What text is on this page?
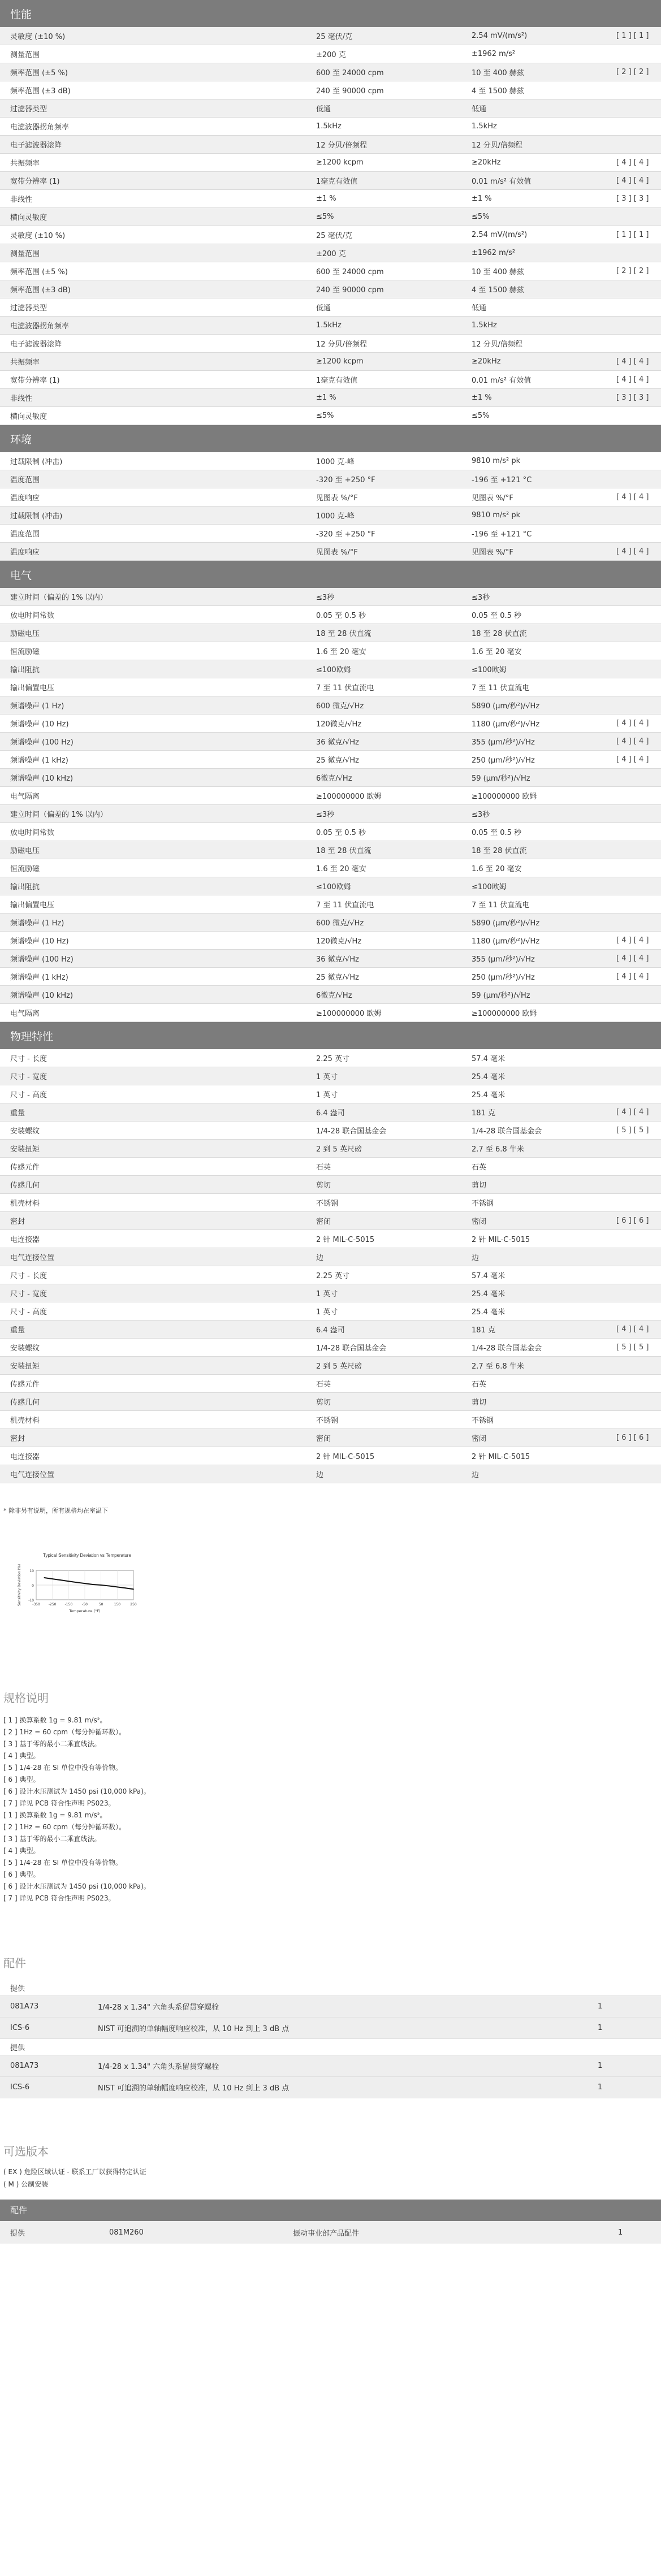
性能			
灵敏度 (±10 %)	25 毫伏/克	2.54 mV/(m/s²)	[ 1 ] [ 1 ]
测量范围	±200 克	±1962 m/s²	
频率范围 (±5 %)	600 至 24000 cpm	10 至 400 赫兹	[ 2 ] [ 2 ]
频率范围 (±3 dB)	240 至 90000 cpm	4 至 1500 赫兹	
过滤器类型	低通	低通	
电滤波器拐角频率	1.5kHz	1.5kHz	
电子滤波器滚降	12 分贝/倍频程	12 分贝/倍频程	
共振频率	≥1200 kcpm	≥20kHz	[ 4 ] [ 4 ]
宽带分辨率 (1)	1毫克有效值	0.01 m/s² 有效值	[ 4 ] [ 4 ]
非线性	±1 %	±1 %	[ 3 ] [ 3 ]
横向灵敏度	≤5%	≤5%	
灵敏度 (±10 %)	25 毫伏/克	2.54 mV/(m/s²)	[ 1 ] [ 1 ]
测量范围	±200 克	±1962 m/s²	
频率范围 (±5 %)	600 至 24000 cpm	10 至 400 赫兹	[ 2 ] [ 2 ]
频率范围 (±3 dB)	240 至 90000 cpm	4 至 1500 赫兹	
过滤器类型	低通	低通	
电滤波器拐角频率	1.5kHz	1.5kHz	
电子滤波器滚降	12 分贝/倍频程	12 分贝/倍频程	
共振频率	≥1200 kcpm	≥20kHz	[ 4 ] [ 4 ]
宽带分辨率 (1)	1毫克有效值	0.01 m/s² 有效值	[ 4 ] [ 4 ]
非线性	±1 %	±1 %	[ 3 ] [ 3 ]
横向灵敏度	≤5%	≤5%	
环境			
过载限制 (冲击)	1000 克-峰	9810 m/s² pk	
温度范围	-320 至 +250 °F	-196 至 +121 °C	
温度响应	见图表 %/°F	见图表 %/°F	[ 4 ] [ 4 ]
过载限制 (冲击)	1000 克-峰	9810 m/s² pk	
温度范围	-320 至 +250 °F	-196 至 +121 °C	
温度响应	见图表 %/°F	见图表 %/°F	[ 4 ] [ 4 ]
电气			
建立时间（偏差的 1% 以内）	≤3秒	≤3秒	
放电时间常数	0.05 至 0.5 秒	0.05 至 0.5 秒	
励磁电压	18 至 28 伏直流	18 至 28 伏直流	
恒流励磁	1.6 至 20 毫安	1.6 至 20 毫安	
输出阻抗	≤100欧姆	≤100欧姆	
输出偏置电压	7 至 11 伏直流电	7 至 11 伏直流电	
频谱噪声 (1 Hz)	600 微克/√Hz	5890 (μm/秒²)/√Hz	
频谱噪声 (10 Hz)	120微克/√Hz	1180 (μm/秒²)/√Hz	[ 4 ] [ 4 ]
频谱噪声 (100 Hz)	36 微克/√Hz	355 (μm/秒²)/√Hz	[ 4 ] [ 4 ]
频谱噪声 (1 kHz)	25 微克/√Hz	250 (μm/秒²)/√Hz	[ 4 ] [ 4 ]
频谱噪声 (10 kHz)	6微克/√Hz	59 (μm/秒²)/√Hz	
电气隔离	≥100000000 欧姆	≥100000000 欧姆	
建立时间（偏差的 1% 以内）	≤3秒	≤3秒	
放电时间常数	0.05 至 0.5 秒	0.05 至 0.5 秒	
励磁电压	18 至 28 伏直流	18 至 28 伏直流	
恒流励磁	1.6 至 20 毫安	1.6 至 20 毫安	
输出阻抗	≤100欧姆	≤100欧姆	
输出偏置电压	7 至 11 伏直流电	7 至 11 伏直流电	
频谱噪声 (1 Hz)	600 微克/√Hz	5890 (μm/秒²)/√Hz	
频谱噪声 (10 Hz)	120微克/√Hz	1180 (μm/秒²)/√Hz	[ 4 ] [ 4 ]
频谱噪声 (100 Hz)	36 微克/√Hz	355 (μm/秒²)/√Hz	[ 4 ] [ 4 ]
频谱噪声 (1 kHz)	25 微克/√Hz	250 (μm/秒²)/√Hz	[ 4 ] [ 4 ]
频谱噪声 (10 kHz)	6微克/√Hz	59 (μm/秒²)/√Hz	
电气隔离	≥100000000 欧姆	≥100000000 欧姆	
物理特性			
尺寸 - 长度	2.25 英寸	57.4 毫米	
尺寸 - 宽度	1 英寸	25.4 毫米	
尺寸 - 高度	1 英寸	25.4 毫米	
重量	6.4 盎司	181 克	[ 4 ] [ 4 ]
安装螺纹	1/4-28 联合国基金会	1/4-28 联合国基金会	[ 5 ] [ 5 ]
安装扭矩	2 到 5 英尺磅	2.7 至 6.8 牛米	
传感元件	石英	石英	
传感几何	剪切	剪切	
机壳材料	不锈钢	不锈钢	
密封	密闭	密闭	[ 6 ] [ 6 ]
电连接器	2 针 MIL-C-5015	2 针 MIL-C-5015	
电气连接位置	边	边	
尺寸 - 长度	2.25 英寸	57.4 毫米	
尺寸 - 宽度	1 英寸	25.4 毫米	
尺寸 - 高度	1 英寸	25.4 毫米	
重量	6.4 盎司	181 克	[ 4 ] [ 4 ]
安装螺纹	1/4-28 联合国基金会	1/4-28 联合国基金会	[ 5 ] [ 5 ]
安装扭矩	2 到 5 英尺磅	2.7 至 6.8 牛米	
传感元件	石英	石英	
传感几何	剪切	剪切	
机壳材料	不锈钢	不锈钢	
密封	密闭	密闭	[ 6 ] [ 6 ]
电连接器	2 针 MIL-C-5015	2 针 MIL-C-5015	
电气连接位置	边	边	
* 除非另有说明，所有规格均在室温下
Typical Sensitivity Deviation vs Temperature
10
0
-10
-350	-250	-150	-50	50	150	250
Temperature (°F)
Sensitivity Deviation (%)
规格说明
[ 1 ] 换算系数 1g = 9.81 m/s²。
[ 2 ] 1Hz = 60 cpm（每分钟循环数）。
[ 3 ] 基于零的最小二乘直线法。
[ 4 ] 典型。
[ 5 ] 1/4-28 在 SI 单位中没有等价物。
[ 6 ] 典型。
[ 6 ] 设计水压测试为 1450 psi (10,000 kPa)。
[ 7 ] 详见 PCB 符合性声明 PS023。
[ 1 ] 换算系数 1g = 9.81 m/s²。
[ 2 ] 1Hz = 60 cpm（每分钟循环数）。
[ 3 ] 基于零的最小二乘直线法。
[ 4 ] 典型。
[ 5 ] 1/4-28 在 SI 单位中没有等价物。
[ 6 ] 典型。
[ 6 ] 设计水压测试为 1450 psi (10,000 kPa)。
[ 7 ] 详见 PCB 符合性声明 PS023。
配件
提供		
081A73	1/4-28 x 1.34" 六角头系留贯穿螺栓	1
ICS-6	NIST 可追溯的单轴幅度响应校准，从 10 Hz 到上 3 dB 点	1
提供		
081A73	1/4-28 x 1.34" 六角头系留贯穿螺栓	1
ICS-6	NIST 可追溯的单轴幅度响应校准，从 10 Hz 到上 3 dB 点	1
可选版本
( EX ) 危险区域认证 - 联系工厂以获得特定认证
( M ) 公制安装
配件
提供	081M260	振动事业部产品配件	1
